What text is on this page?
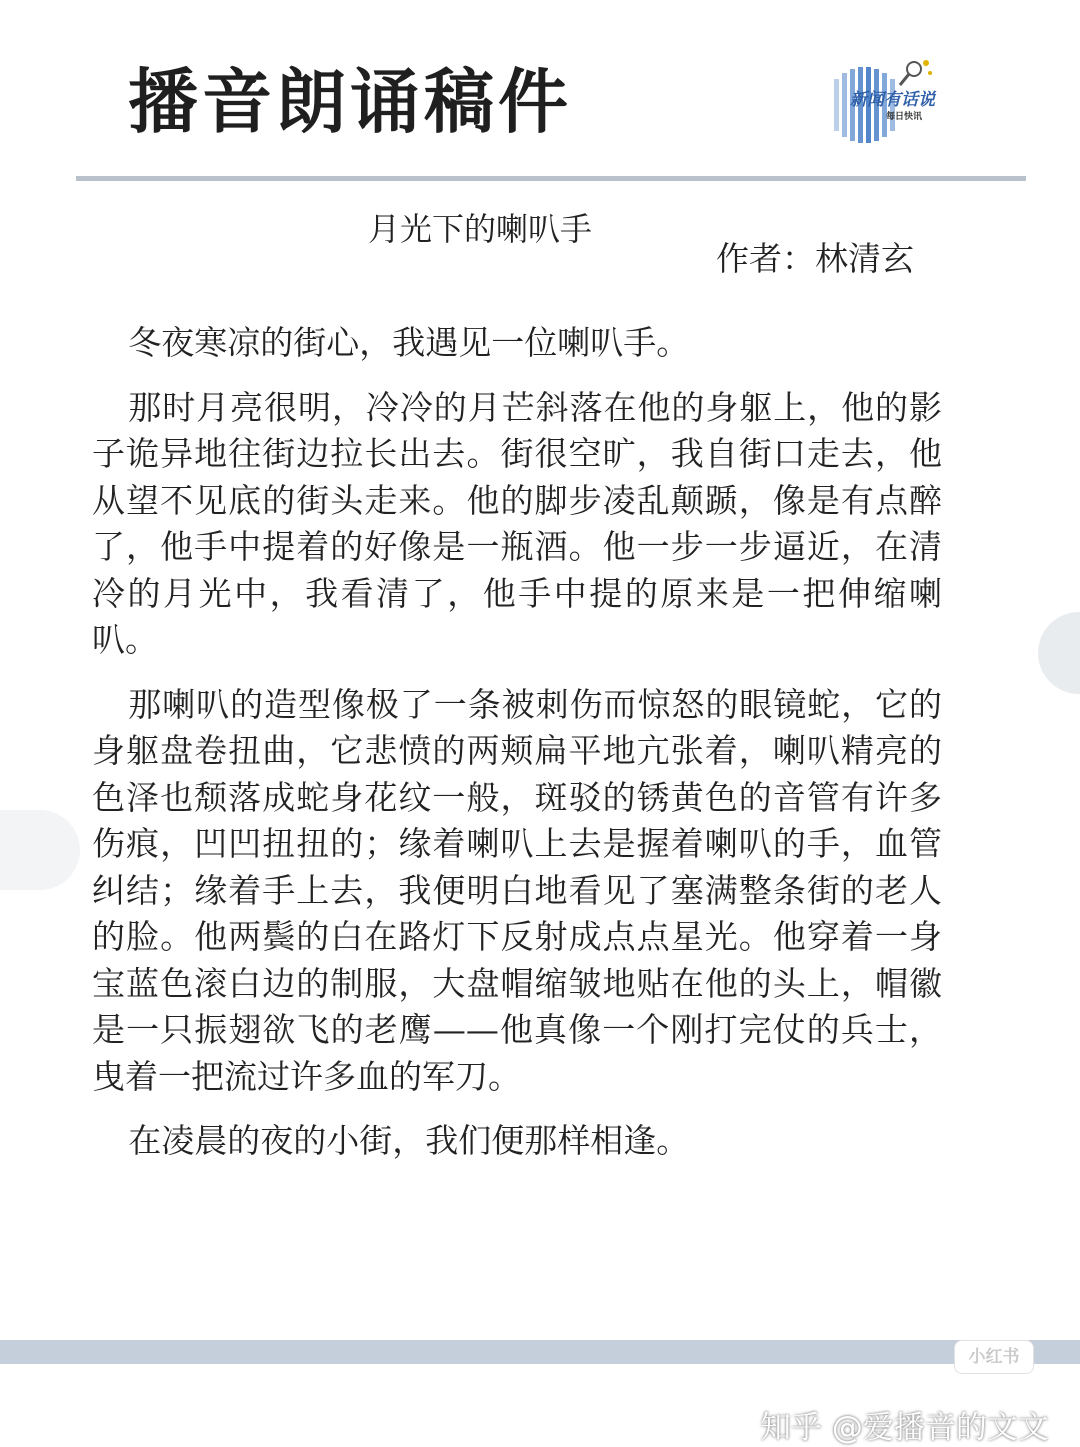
播音朗诵稿件	新闻有话说
每日快讯
月光下的喇叭手
作者：林清玄

冬夜寒凉的街心，我遇见一位喇叭手。

那时月亮很明，冷冷的月芒斜落在他的身躯上，他的影子诡异地往街边拉长出去。街很空旷，我自街口走去，他从望不见底的街头走来。他的脚步凌乱颠踬，像是有点醉了，他手中提着的好像是一瓶酒。他一步一步逼近，在清冷的月光中，我看清了，他手中提的原来是一把伸缩喇叭。

那喇叭的造型像极了一条被刺伤而惊怒的眼镜蛇，它的身躯盘卷扭曲，它悲愤的两颊扁平地亢张着，喇叭精亮的色泽也颓落成蛇身花纹一般，斑驳的锈黄色的音管有许多伤痕，凹凹扭扭的；缘着喇叭上去是握着喇叭的手，血管纠结；缘着手上去，我便明白地看见了塞满整条街的老人的脸。他两鬓的白在路灯下反射成点点星光。他穿着一身宝蓝色滚白边的制服，大盘帽缩皱地贴在他的头上，帽徽是一只振翅欲飞的老鹰——他真像一个刚打完仗的兵士，曳着一把流过许多血的军刀。

在凌晨的夜的小街，我们便那样相逢。

小红书
知乎 @爱播音的文文
